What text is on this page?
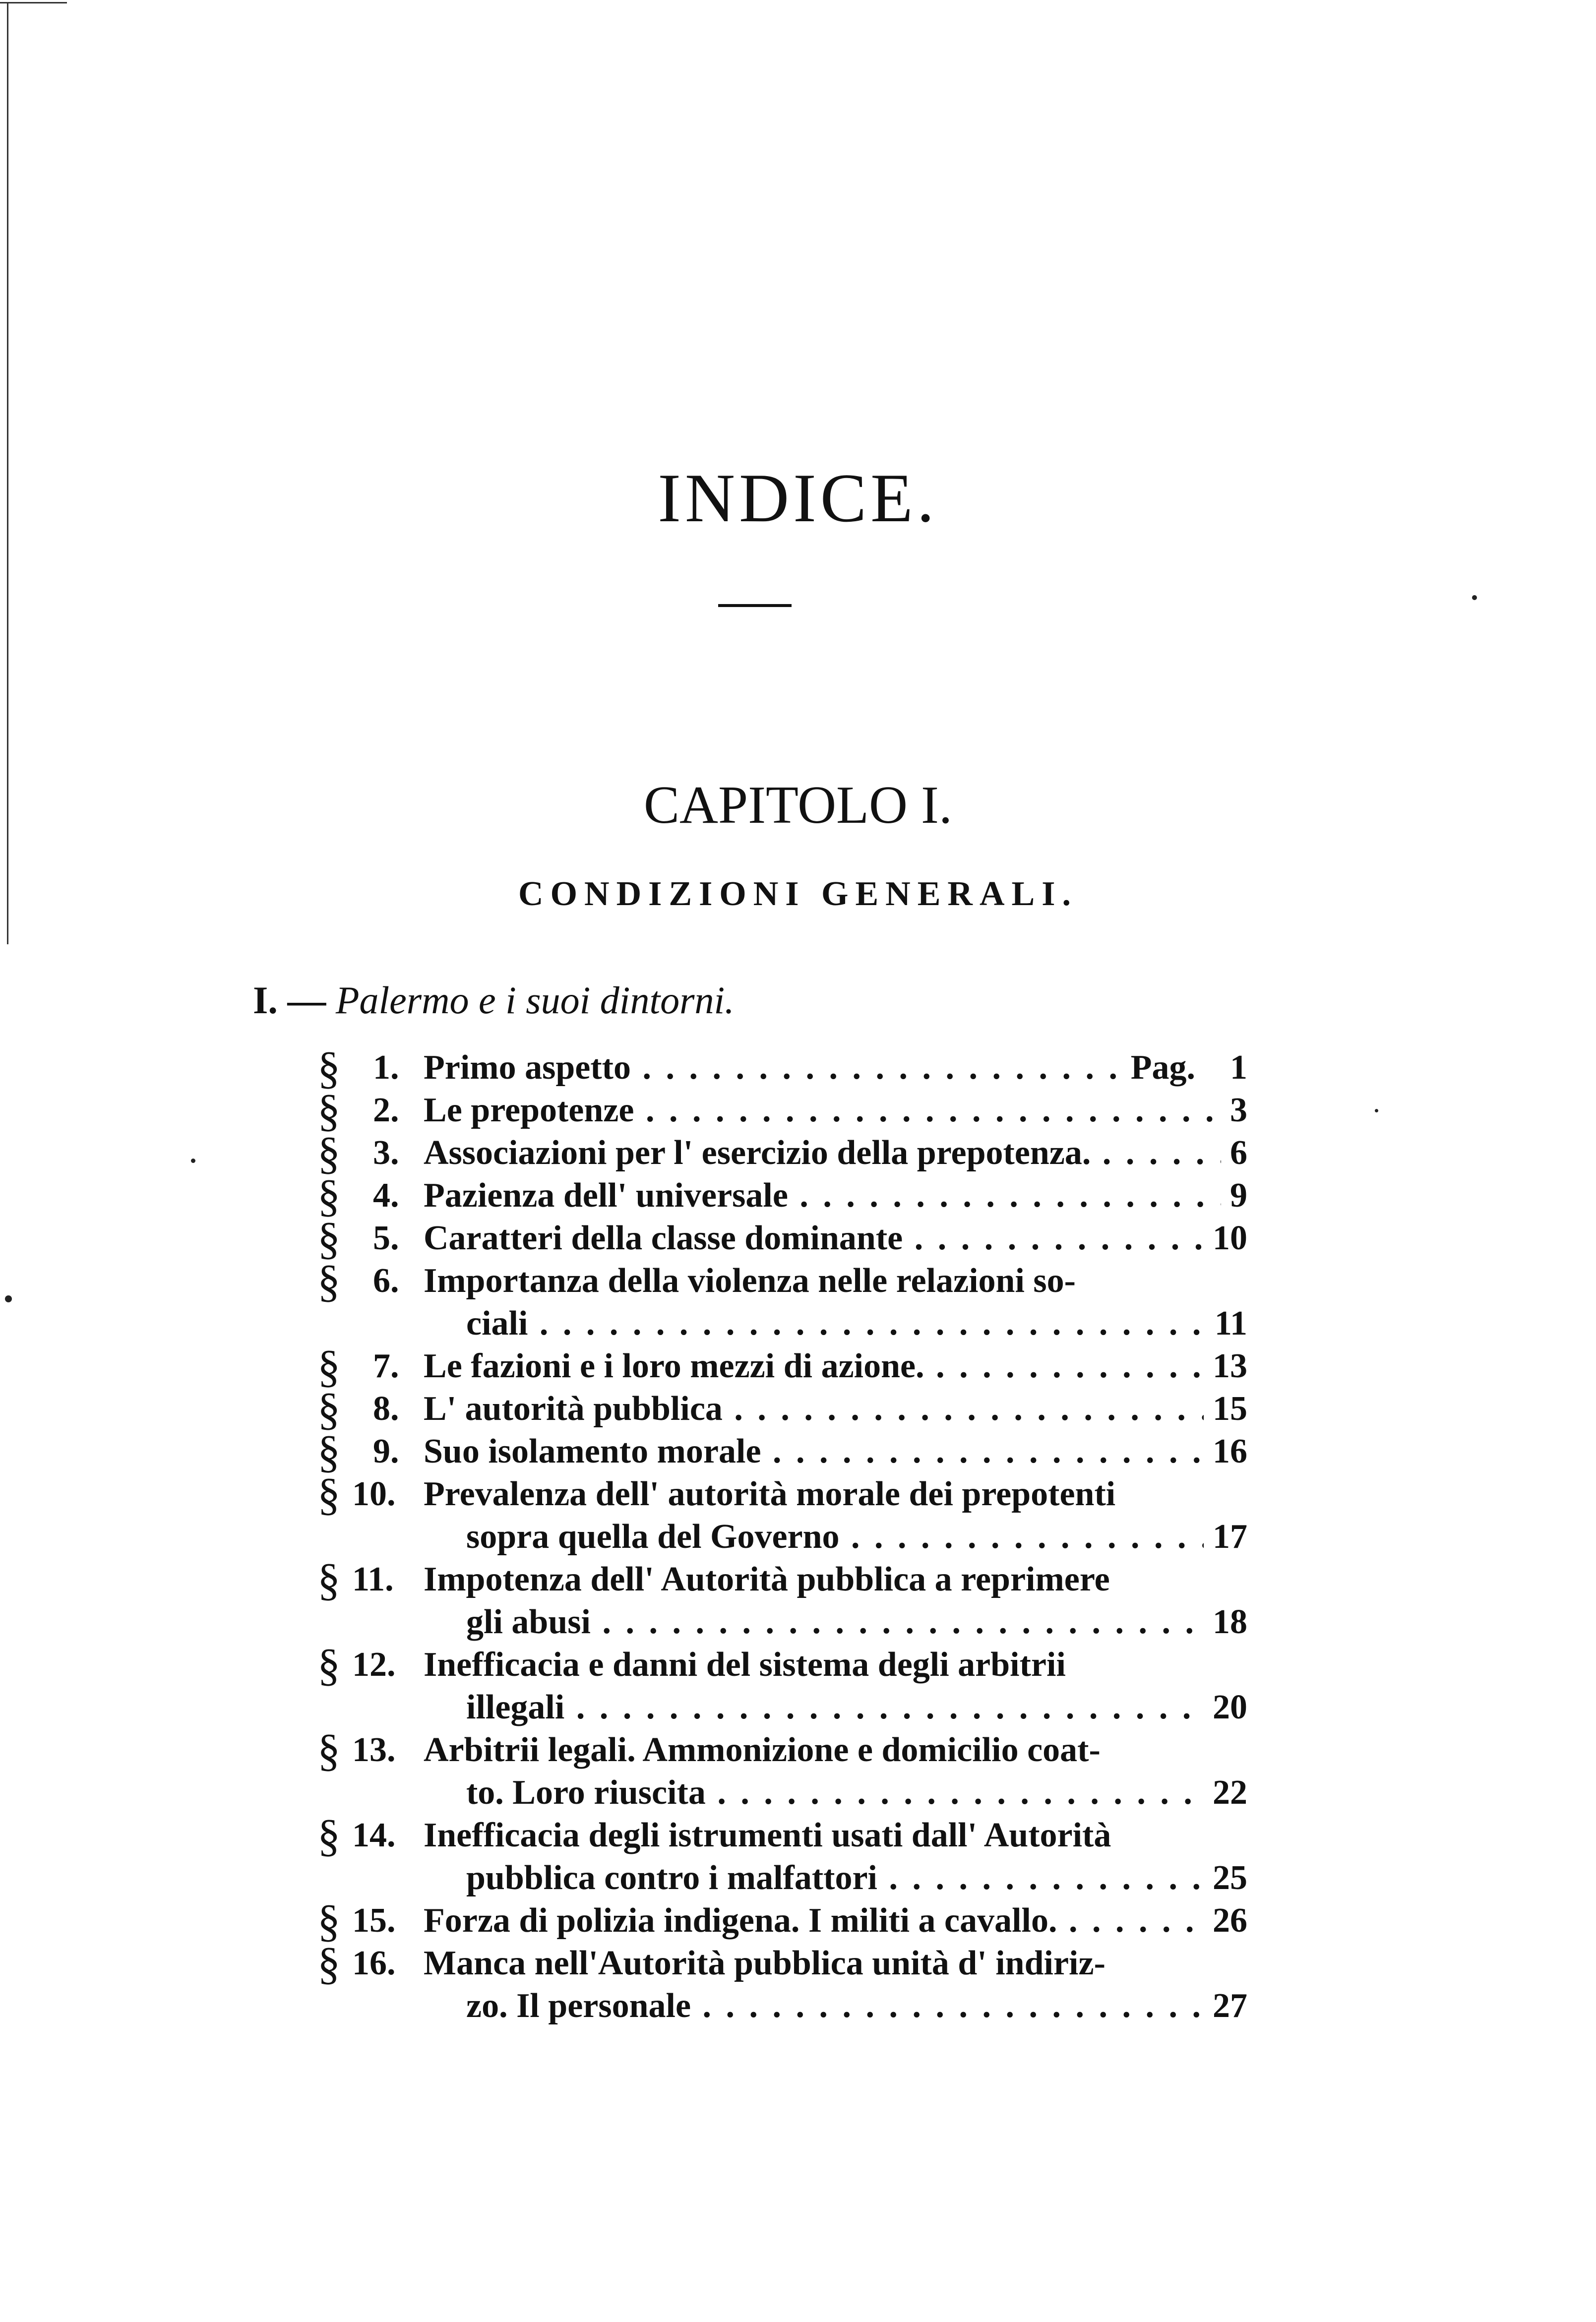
INDICE.
CAPITOLO I.
CONDIZIONI GENERALI.
I. — Palermo e i suoi dintorni.
§ 1. Primo aspetto . . .	Pag. 1
§ 2. Le prepotenze . . .	3
§ 3. Associazioni per l' esercizio della prepotenza. . . .	6
§ 4. Pazienza dell' universale . . .	9
§ 5. Caratteri della classe dominante . . .	10
§ 6. Importanza della violenza nelle relazioni so-
ciali . . .	11
§ 7. Le fazioni e i loro mezzi di azione. . . .	13
§ 8. L' autorità pubblica . . .	15
§ 9. Suo isolamento morale . . .	16
§ 10. Prevalenza dell' autorità morale dei prepotenti
sopra quella del Governo . . .	17
§ 11. Impotenza dell' Autorità pubblica a reprimere
gli abusi . . .	18
§ 12. Inefficacia e danni del sistema degli arbitrii
illegali . . .	20
§ 13. Arbitrii legali. Ammonizione e domicilio coat-
to. Loro riuscita . . .	22
§ 14. Inefficacia degli istrumenti usati dall' Autorità
pubblica contro i malfattori . . .	25
§ 15. Forza di polizia indigena. I militi a cavallo. . . .	26
§ 16. Manca nell'Autorità pubblica unità d' indiriz-
zo. Il personale . . .	27
